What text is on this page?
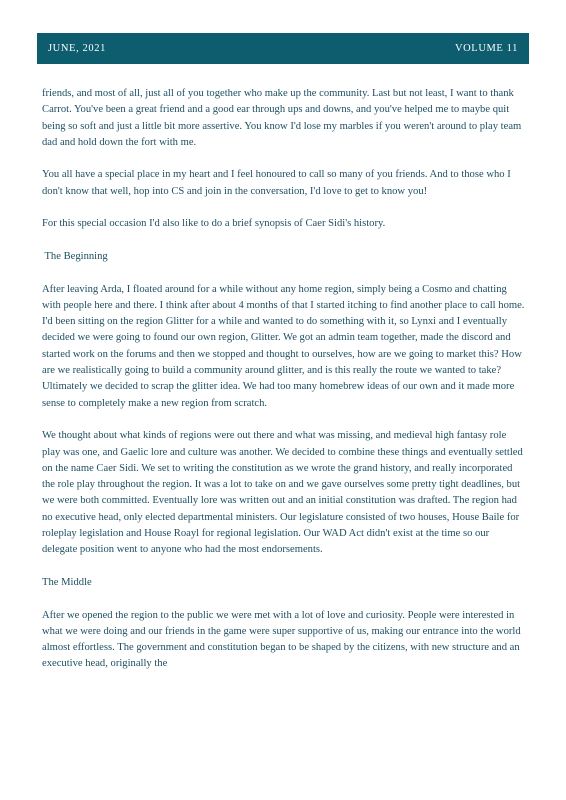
JUNE, 2021	VOLUME 11

friends, and most of all, just all of you together who make up the community. Last but not least, I want to thank Carrot. You've been a great friend and a good ear through ups and downs, and you've helped me to maybe quit being so soft and just a little bit more assertive. You know I'd lose my marbles if you weren't around to play team dad and hold down the fort with me.

You all have a special place in my heart and I feel honoured to call so many of you friends. And to those who I don't know that well, hop into CS and join in the conversation, I'd love to get to know you!

For this special occasion I'd also like to do a brief synopsis of Caer Sidi's history.

The Beginning

After leaving Arda, I floated around for a while without any home region, simply being a Cosmo and chatting with people here and there. I think after about 4 months of that I started itching to find another place to call home. I'd been sitting on the region Glitter for a while and wanted to do something with it, so Lynxi and I eventually decided we were going to found our own region, Glitter. We got an admin team together, made the discord and started work on the forums and then we stopped and thought to ourselves, how are we going to market this? How are we realistically going to build a community around glitter, and is this really the route we wanted to take? Ultimately we decided to scrap the glitter idea. We had too many homebrew ideas of our own and it made more sense to completely make a new region from scratch.

We thought about what kinds of regions were out there and what was missing, and medieval high fantasy role play was one, and Gaelic lore and culture was another. We decided to combine these things and eventually settled on the name Caer Sidi. We set to writing the constitution as we wrote the grand history, and really incorporated the role play throughout the region. It was a lot to take on and we gave ourselves some pretty tight deadlines, but we were both committed. Eventually lore was written out and an initial constitution was drafted. The region had no executive head, only elected departmental ministers. Our legislature consisted of two houses, House Baile for roleplay legislation and House Roayl for regional legislation. Our WAD Act didn't exist at the time so our delegate position went to anyone who had the most endorsements.

The Middle

After we opened the region to the public we were met with a lot of love and curiosity. People were interested in what we were doing and our friends in the game were super supportive of us, making our entrance into the world almost effortless. The government and constitution began to be shaped by the citizens, with new structure and an executive head, originally the
